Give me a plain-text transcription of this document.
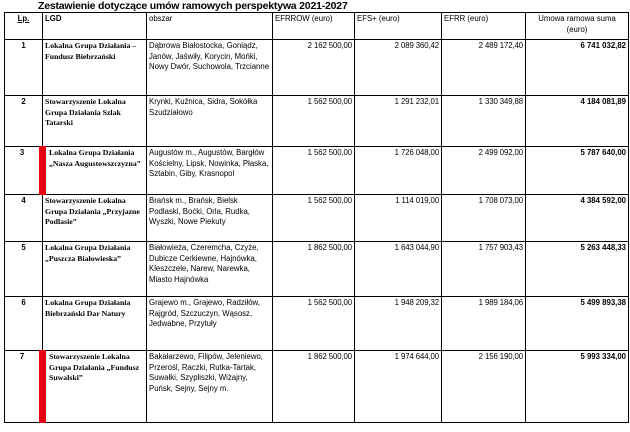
Zestawienie dotyczące umów ramowych perspektywa 2021-2027
Lp.	LGD	obszar	EFRROW (euro)	EFS+ (euro)	EFRR (euro)	Umowa ramowa suma (euro)
1	Lokalna Grupa Działania – Fundusz Biebrzański	Dąbrowa Białostocka, Goniądz, Janów, Jaświły, Korycin, Mońki, Nowy Dwór, Suchowola, Trzcianne	2 162 500,00	2 089 360,42	2 489 172,40	6 741 032,82
2	Stowarzyszenie Lokalna Grupa Działania Szlak Tatarski	Krynki, Kuźnica, Sidra, Sokółka Szudziałowo	1 562 500,00	1 291 232,01	1 330 349,88	4 184 081,89
3	Lokalna Grupa Działania „Nasza Augustowszczyzna”	Augustów m., Augustów, Bargłów Kościelny, Lipsk, Nowinka, Płaska, Sztabin, Giby, Krasnopol	1 562 500,00	1 726 048,00	2 499 092,00	5 787 640,00
4	Stowarzyszenie Lokalna Grupa Działania „Przyjazne Podlasie”	Brańsk m., Brańsk, Bielsk Podlaski, Boćki, Orla, Rudka, Wyszki, Nowe Piekuty	1 562 500,00	1 114 019,00	1 708 073,00	4 384 592,00
5	Lokalna Grupa Działania „Puszcza Białowieska”	Białowieża, Czeremcha, Czyże, Dubicze Cerkiewne, Hajnówka, Kleszczele, Narew, Narewka, Miasto Hajnówka	1 862 500,00	1 643 044,90	1 757 903,43	5 263 448,33
6	Lokalna Grupa Działania Biebrzański Dar Natury	Grajewo m., Grajewo, Radziłów, Rajgród, Szczuczyn, Wąsosz, Jedwabne, Przytuły	1 562 500,00	1 948 209,32	1 989 184,06	5 499 893,38
7	Stowarzyszenie Lokalna Grupa Działania „Fundusz Suwalski”	Bakałarzewo, Filipów, Jeleniewo, Przerośl, Raczki, Rutka-Tartak, Suwałki, Szypliszki, Wiżajny, Puńsk, Sejny, Sejny m.	1 862 500,00	1 974 644,00	2 156 190,00	5 993 334,00
